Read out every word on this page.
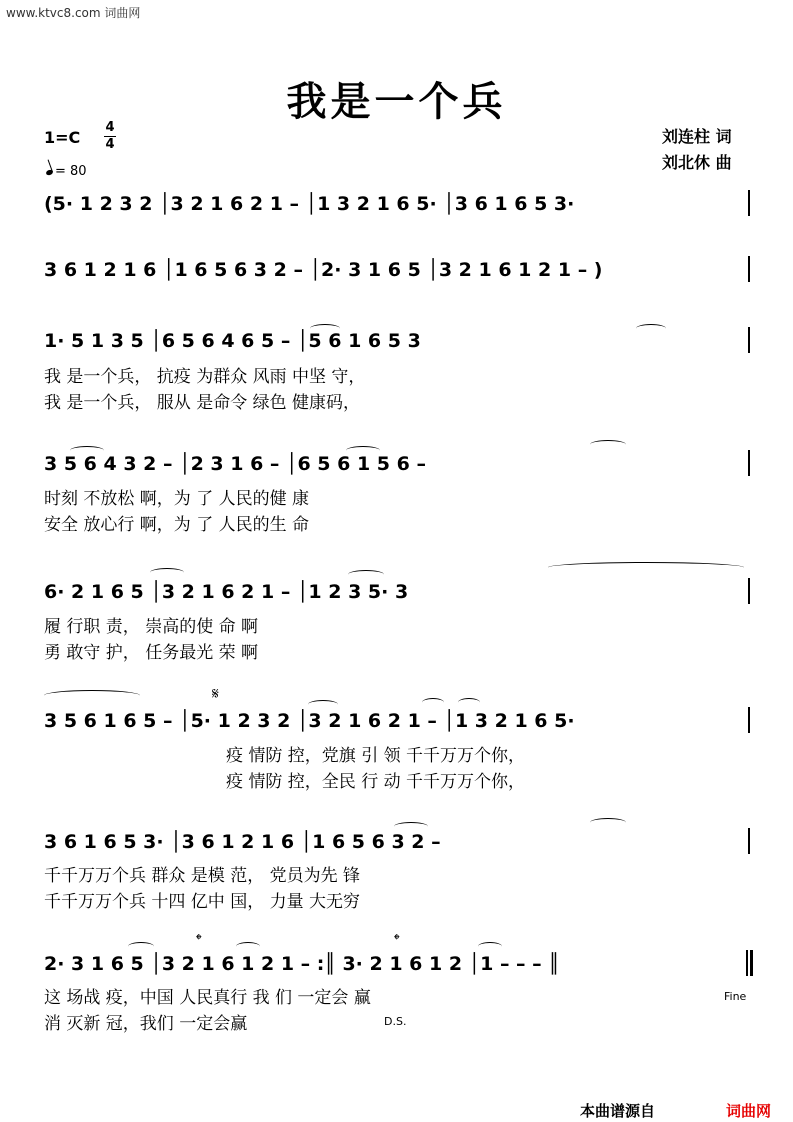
www.ktvc8.com 词曲网
我是一个兵
1=C
4
4
= 80
刘连柱 词
刘北休 曲
(5· 1 2 3 2 │3 2 1 6 2 1 – │1 3 2 1 6 5· │3 6 1 6 5 3·
3 6 1 2 1 6 │1 6 5 6 3 2 – │2· 3 1 6 5 │3 2 1 6 1 2 1 – )
1· 5 1 3 5 │6 5 6 4 6 5 – │5 6 1 6 5 3
我 是一个兵， 抗疫 为群众 风雨 中坚 守，
我 是一个兵， 服从 是命令 绿色 健康码，
3 5 6 4 3 2 – │2 3 1 6 – │6 5 6 1 5 6 –
时刻 不放松 啊，为 了 人民的健 康
安全 放心行 啊，为 了 人民的生 命
6· 2 1 6 5 │3 2 1 6 2 1 – │1 2 3 5· 3
履 行职 责， 崇高的使 命 啊
勇 敢守 护， 任务最光 荣 啊
𝄋
3 5 6 1 6 5 – │5· 1 2 3 2 │3 2 1 6 2 1 – │1 3 2 1 6 5·
疫 情防 控，党旗 引 领 千千万万个你，
疫 情防 控，全民 行 动 千千万万个你，
3 6 1 6 5 3· │3 6 1 2 1 6 │1 6 5 6 3 2 –
千千万万个兵 群众 是模 范， 党员为先 锋
千千万万个兵 十四 亿中 国， 力量 大无穷
𝄌	𝄌
2· 3 1 6 5 │3 2 1 6 1 2 1 – :║ 3· 2 1 6 1 2 │1 – – – ║
这 场战 疫，中国 人民真行 我 们 一定会 赢
消 灭新 冠，我们 一定会赢
Fine
D.S.
本曲谱源自	词曲网
